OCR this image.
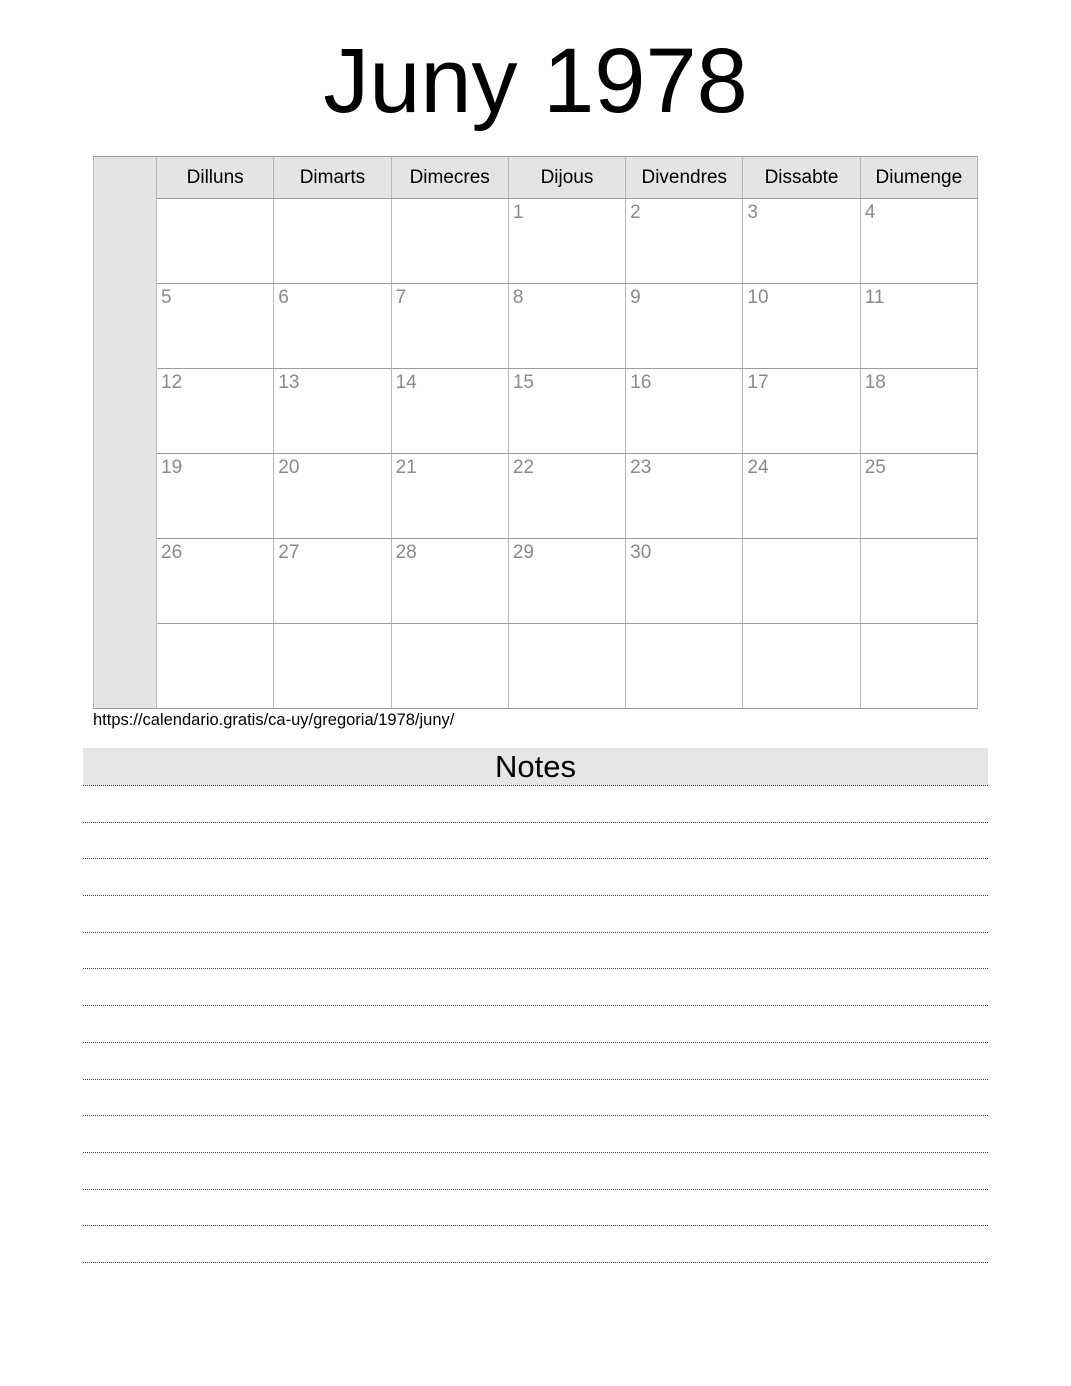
Juny 1978
	Dilluns	Dimarts	Dimecres	Dijous	Divendres	Dissabte	Diumenge
				1	2	3	4
	5	6	7	8	9	10	11
	12	13	14	15	16	17	18
	19	20	21	22	23	24	25
	26	27	28	29	30		

https://calendario.gratis/ca-uy/gregoria/1978/juny/
Notes
